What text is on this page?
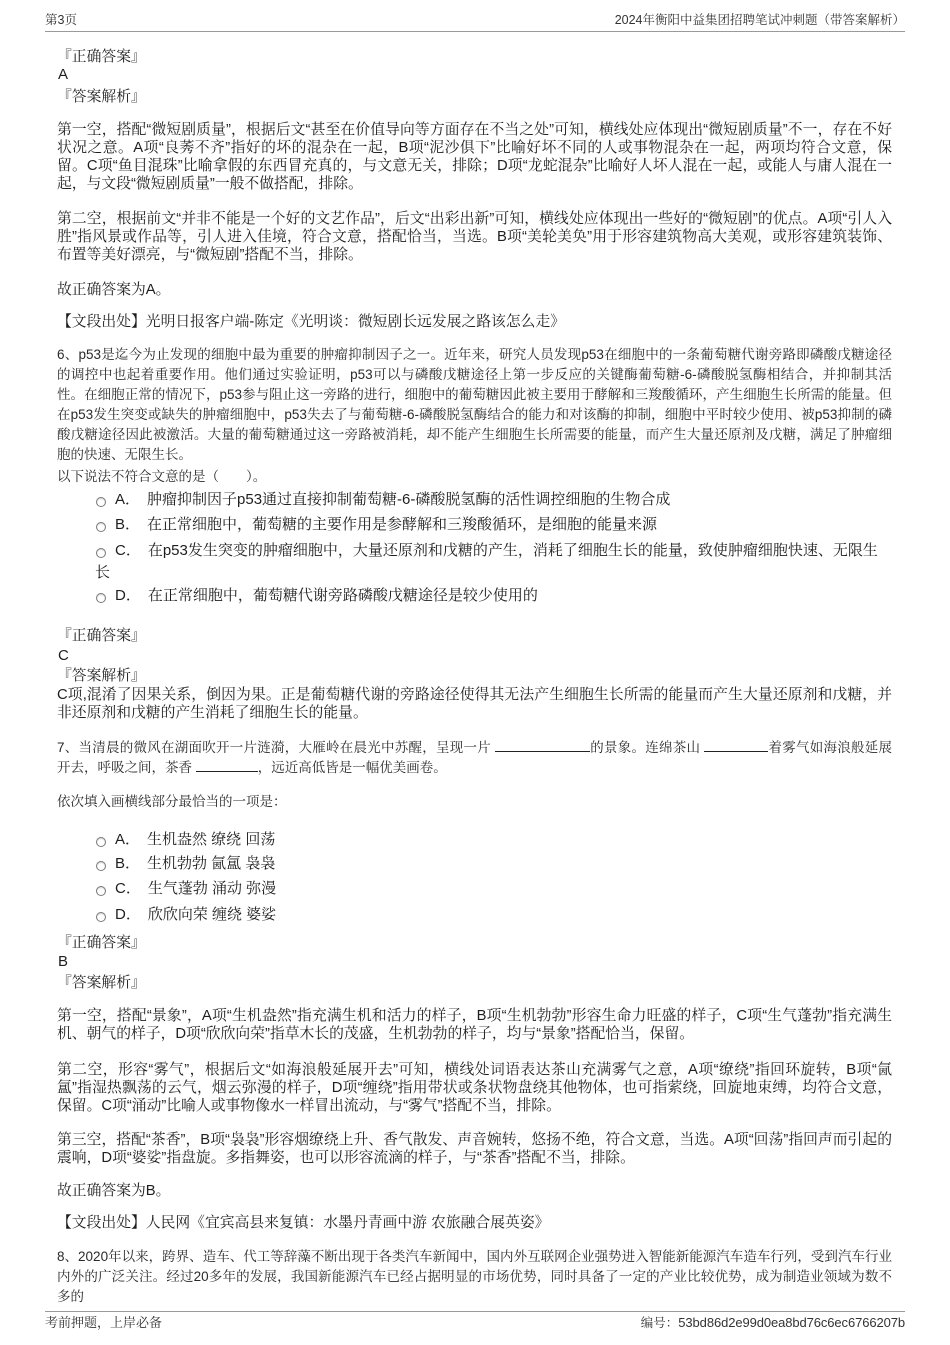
第3页	2024年衡阳中益集团招聘笔试冲刺题（带答案解析）
『正确答案』
A
『答案解析』
第一空，搭配“微短剧质量”，根据后文“甚至在价值导向等方面存在不当之处”可知，横线处应体现出“微短剧质量”不一，存在不好状况之意。A项“良莠不齐”指好的坏的混杂在一起，B项“泥沙俱下”比喻好坏不同的人或事物混杂在一起，两项均符合文意，保留。C项“鱼目混珠”比喻拿假的东西冒充真的，与文意无关，排除；D项“龙蛇混杂”比喻好人坏人混在一起，或能人与庸人混在一起，与文段“微短剧质量”一般不做搭配，排除。
第二空，根据前文“并非不能是一个好的文艺作品”，后文“出彩出新”可知，横线处应体现出一些好的“微短剧”的优点。A项“引人入胜”指风景或作品等，引人进入佳境，符合文意，搭配恰当，当选。B项“美轮美奂”用于形容建筑物高大美观，或形容建筑装饰、布置等美好漂亮，与“微短剧”搭配不当，排除。
故正确答案为A。
【文段出处】光明日报客户端-陈定《光明谈：微短剧长远发展之路该怎么走》
6、p53是迄今为止发现的细胞中最为重要的肿瘤抑制因子之一。近年来，研究人员发现p53在细胞中的一条葡萄糖代谢旁路即磷酸戊糖途径的调控中也起着重要作用。他们通过实验证明，p53可以与磷酸戊糖途径上第一步反应的关键酶葡萄糖-6-磷酸脱氢酶相结合，并抑制其活性。在细胞正常的情况下，p53参与阻止这一旁路的进行，细胞中的葡萄糖因此被主要用于酵解和三羧酸循环，产生细胞生长所需的能量。但在p53发生突变或缺失的肿瘤细胞中，p53失去了与葡萄糖-6-磷酸脱氢酶结合的能力和对该酶的抑制，细胞中平时较少使用、被p53抑制的磷酸戊糖途径因此被激活。大量的葡萄糖通过这一旁路被消耗，却不能产生细胞生长所需要的能量，而产生大量还原剂及戊糖，满足了肿瘤细胞的快速、无限生长。
以下说法不符合文意的是（　　）。
A． 肿瘤抑制因子p53通过直接抑制葡萄糖-6-磷酸脱氢酶的活性调控细胞的生物合成
B． 在正常细胞中，葡萄糖的主要作用是参酵解和三羧酸循环，是细胞的能量来源
C． 在p53发生突变的肿瘤细胞中，大量还原剂和戊糖的产生，消耗了细胞生长的能量，致使肿瘤细胞快速、无限生长
D． 在正常细胞中，葡萄糖代谢旁路磷酸戊糖途径是较少使用的
『正确答案』
C
『答案解析』
C项,混淆了因果关系，倒因为果。正是葡萄糖代谢的旁路途径使得其无法产生细胞生长所需的能量而产生大量还原剂和戊糖，并非还原剂和戊糖的产生消耗了细胞生长的能量。
7、当清晨的微风在湖面吹开一片涟漪，大雁岭在晨光中苏醒，呈现一片	的景象。连绵茶山	着雾气如海浪般延展开去，呼吸之间，茶香	，远近高低皆是一幅优美画卷。
依次填入画横线部分最恰当的一项是：
A． 生机盎然 缭绕 回荡
B． 生机勃勃 氤氲 袅袅
C． 生气蓬勃 涌动 弥漫
D． 欣欣向荣 缠绕 婆娑
『正确答案』
B
『答案解析』
第一空，搭配“景象”，A项“生机盎然”指充满生机和活力的样子，B项“生机勃勃”形容生命力旺盛的样子，C项“生气蓬勃”指充满生机、朝气的样子，D项“欣欣向荣”指草木长的茂盛，生机勃勃的样子，均与“景象”搭配恰当，保留。
第二空，形容“雾气”，根据后文“如海浪般延展开去”可知，横线处词语表达茶山充满雾气之意，A项“缭绕”指回环旋转，B项“氤氲”指湿热飘荡的云气，烟云弥漫的样子，D项“缠绕”指用带状或条状物盘绕其他物体，也可指萦绕，回旋地束缚，均符合文意，保留。C项“涌动”比喻人或事物像水一样冒出流动，与“雾气”搭配不当，排除。
第三空，搭配“茶香”，B项“袅袅”形容烟缭绕上升、香气散发、声音婉转，悠扬不绝，符合文意，当选。A项“回荡”指回声而引起的震响，D项“婆娑”指盘旋。多指舞姿，也可以形容流滴的样子，与“茶香”搭配不当，排除。
故正确答案为B。
【文段出处】人民网《宜宾高县来复镇：水墨丹青画中游 农旅融合展英姿》
8、2020年以来，跨界、造车、代工等辞藻不断出现于各类汽车新闻中，国内外互联网企业强势进入智能新能源汽车造车行列，受到汽车行业内外的广泛关注。经过20多年的发展，我国新能源汽车已经占据明显的市场优势，同时具备了一定的产业比较优势，成为制造业领域为数不多的
考前押题，上岸必备	编号：53bd86d2e99d0ea8bd76c6ec6766207b
